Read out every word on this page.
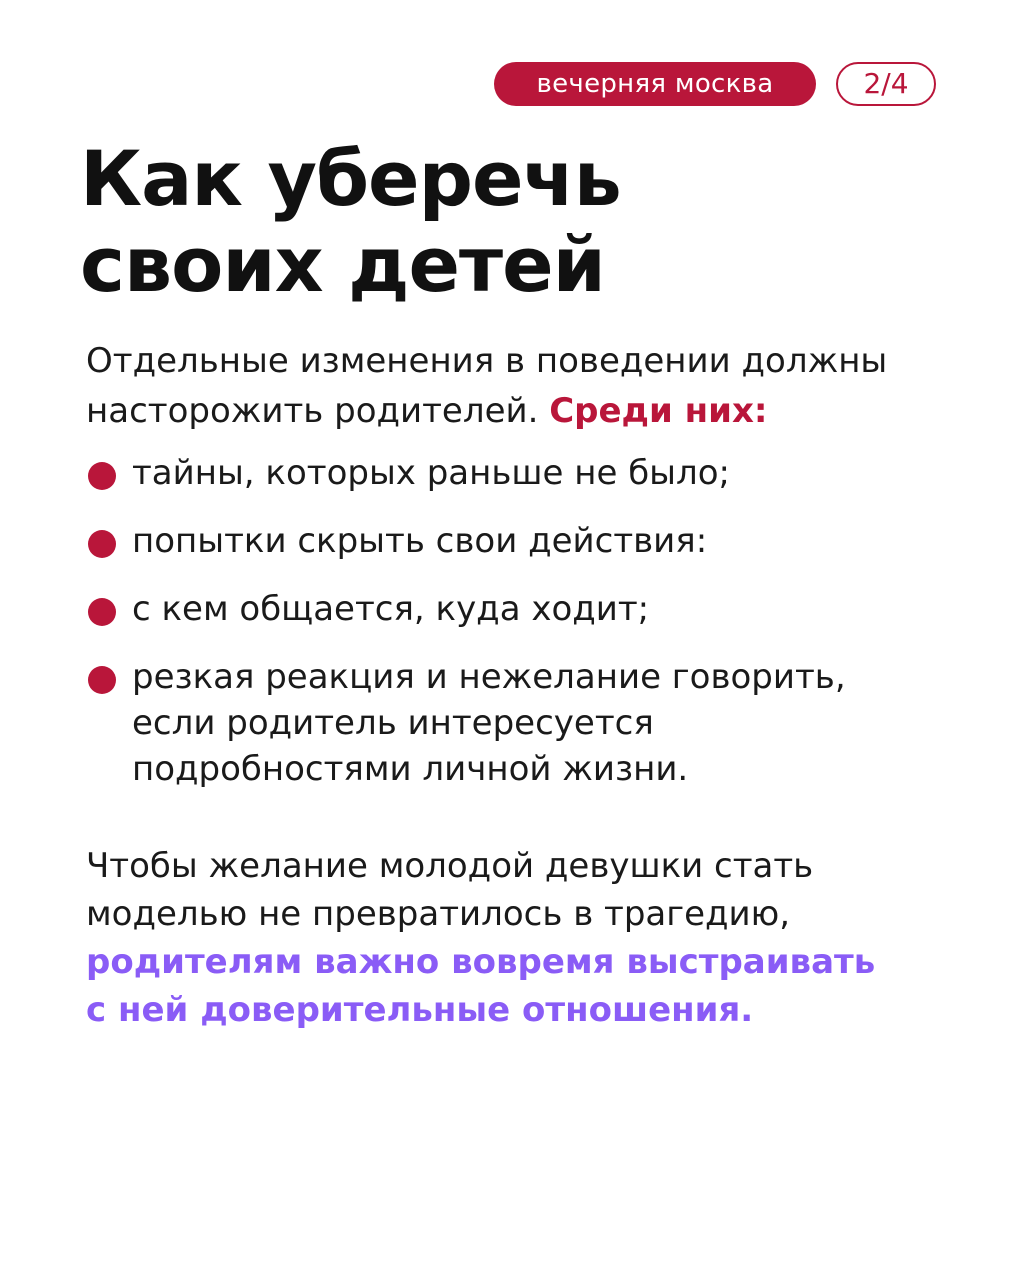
вечерняя москва	2/4
Как уберечь
своих детей
Отдельные изменения в поведении должны
насторожить родителей. Среди них:
тайны, которых раньше не было;
попытки скрыть свои действия:
с кем общается, куда ходит;
резкая реакция и нежелание говорить,
если родитель интересуется
подробностями личной жизни.
Чтобы желание молодой девушки стать
моделью не превратилось в трагедию,
родителям важно вовремя выстраивать
с ней доверительные отношения.
